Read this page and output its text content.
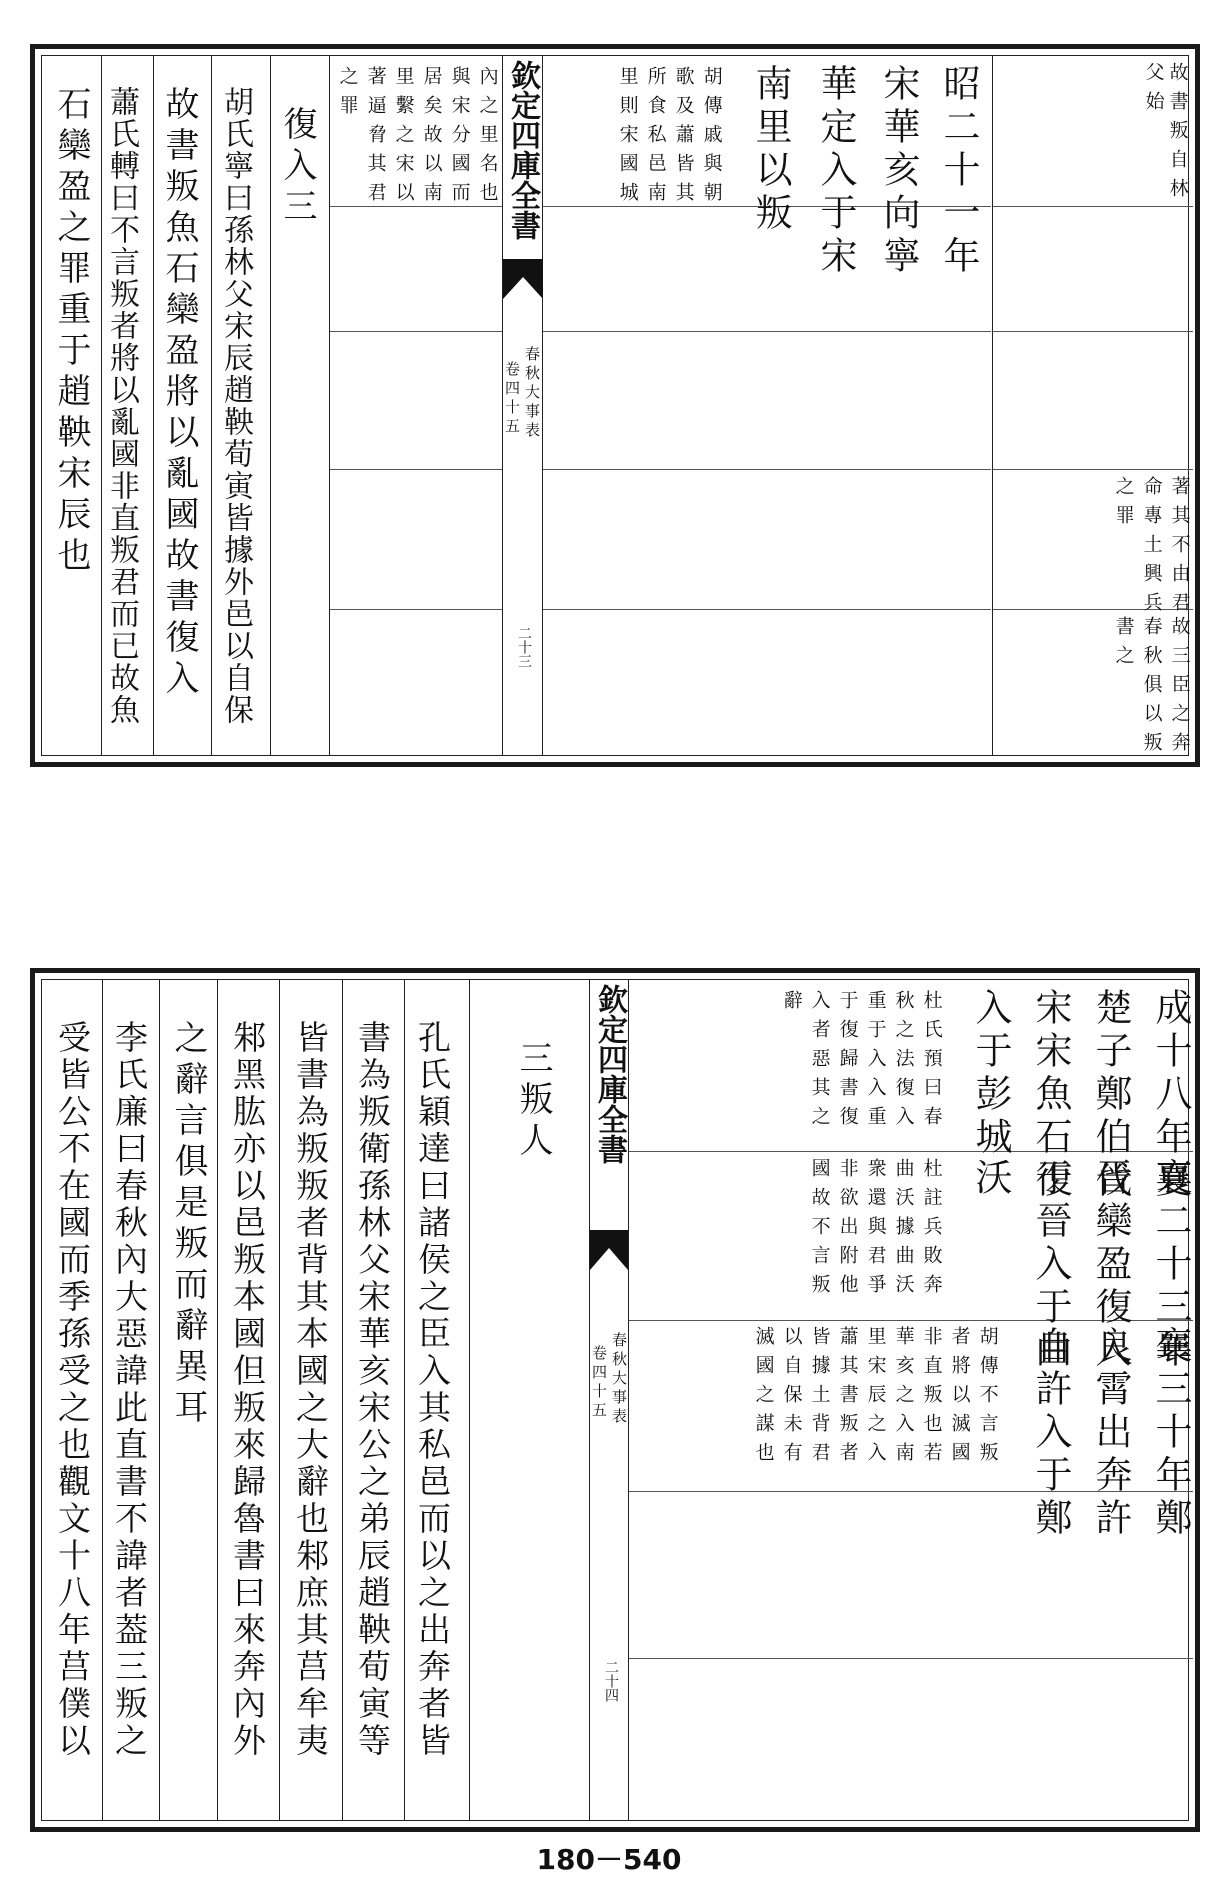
欽定四庫全書
春秋大事表
卷四十五
二十三
故書叛自林
父始
昭二十一年
宋華亥向寧
華定入于宋
南里以叛
胡傳戚與朝
歌及蕭皆其
所食私邑南
里則宋國城
著其不由君
命專土興兵
之罪
故三臣之奔
春秋俱以叛
書之
內之里名也
與宋分國而
居矣故以南
里繫之宋以
著逼脅其君
之罪
復入三
胡氏寧曰孫林父宋辰趙鞅荀寅皆據外邑以自保
故書叛魚石欒盈將以亂國故書復入
蕭氏𨍭曰不言叛者將以亂國非直叛君而已故魚
石欒盈之罪重于趙鞅宋辰也
欽定四庫全書
春秋大事表
卷四十五
二十四
成十八年夏
襄二十三年
襄三十年鄭
楚子鄭伯伐
晉欒盈復入
良霄出奔許
宋宋魚石復
于晉入于曲
自許入于鄭
入于彭城
沃
杜氏預曰春
秋之法復入
重于入入重
于復歸書復
入者惡其之
辭
杜註兵敗奔
曲沃據曲沃
衆還與君爭
非欲出附他
國故不言叛
胡傳不言叛
者將以滅國
非直叛也若
華亥之入南
里宋辰之入
蕭其書叛者
皆據土背君
以自保未有
滅國之謀也
三叛人
孔氏穎達曰諸侯之臣入其私邑而以之出奔者皆
書為叛衛孫林父宋華亥宋公之弟辰趙鞅荀寅等
皆書為叛叛者背其本國之大辭也邾庶其莒牟夷
邾黑肱亦以邑叛本國但叛來歸魯書曰來奔內外
之辭言俱是叛而辭異耳
李氏廉曰春秋內大惡諱此直書不諱者葢三叛之
受皆公不在國而季孫受之也觀文十八年莒僕以
180－540
